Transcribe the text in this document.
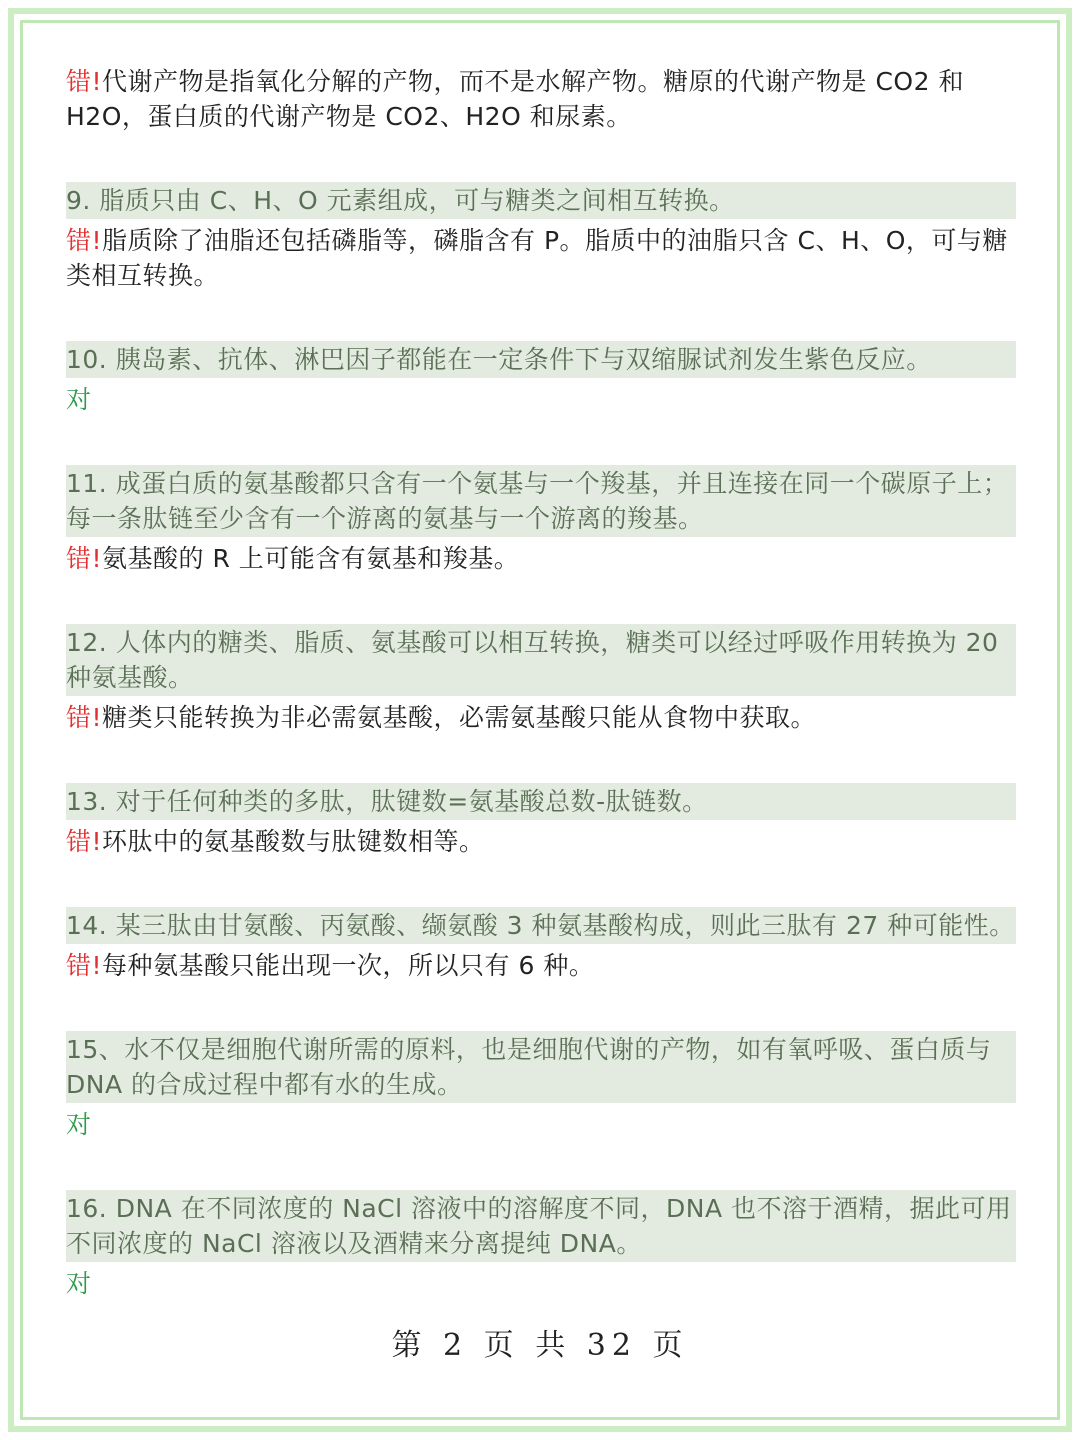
错!代谢产物是指氧化分解的产物，而不是水解产物。糖原的代谢产物是 CO2 和 H2O，蛋白质的代谢产物是 CO2、H2O 和尿素。
9. 脂质只由 C、H、O 元素组成，可与糖类之间相互转换。
错!脂质除了油脂还包括磷脂等，磷脂含有 P。脂质中的油脂只含 C、H、O，可与糖类相互转换。
10. 胰岛素、抗体、淋巴因子都能在一定条件下与双缩脲试剂发生紫色反应。
对
11. 成蛋白质的氨基酸都只含有一个氨基与一个羧基，并且连接在同一个碳原子上；每一条肽链至少含有一个游离的氨基与一个游离的羧基。
错!氨基酸的 R 上可能含有氨基和羧基。
12. 人体内的糖类、脂质、氨基酸可以相互转换，糖类可以经过呼吸作用转换为 20 种氨基酸。
错!糖类只能转换为非必需氨基酸，必需氨基酸只能从食物中获取。
13. 对于任何种类的多肽，肽键数=氨基酸总数-肽链数。
错!环肽中的氨基酸数与肽键数相等。
14. 某三肽由甘氨酸、丙氨酸、缬氨酸 3 种氨基酸构成，则此三肽有 27 种可能性。
错!每种氨基酸只能出现一次，所以只有 6 种。
15、水不仅是细胞代谢所需的原料，也是细胞代谢的产物，如有氧呼吸、蛋白质与 DNA 的合成过程中都有水的生成。
对
16. DNA 在不同浓度的 NaCl 溶液中的溶解度不同，DNA 也不溶于酒精，据此可用不同浓度的 NaCl 溶液以及酒精来分离提纯 DNA。
对
第 2 页 共 32 页
